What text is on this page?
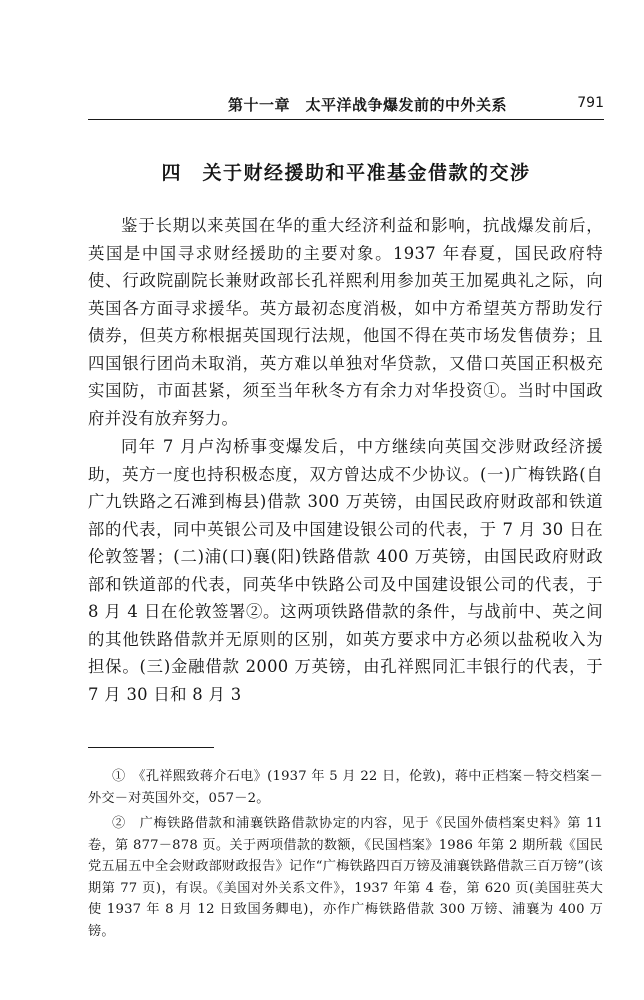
第十一章　太平洋战争爆发前的中外关系	791
四　关于财经援助和平准基金借款的交涉

鉴于长期以来英国在华的重大经济利益和影响，抗战爆发前后，英国是中国寻求财经援助的主要对象。1937 年春夏，国民政府特使、行政院副院长兼财政部长孔祥熙利用参加英王加冕典礼之际，向英国各方面寻求援华。英方最初态度消极，如中方希望英方帮助发行债券，但英方称根据英国现行法规，他国不得在英市场发售债券；且四国银行团尚未取消，英方难以单独对华贷款，又借口英国正积极充实国防，市面甚紧，须至当年秋冬方有余力对华投资①。当时中国政府并没有放弃努力。

同年 7 月卢沟桥事变爆发后，中方继续向英国交涉财政经济援助，英方一度也持积极态度，双方曾达成不少协议。(一)广梅铁路(自广九铁路之石滩到梅县)借款 300 万英镑，由国民政府财政部和铁道部的代表，同中英银公司及中国建设银公司的代表，于 7 月 30 日在伦敦签署；(二)浦(口)襄(阳)铁路借款 400 万英镑，由国民政府财政部和铁道部的代表，同英华中铁路公司及中国建设银公司的代表，于 8 月 4 日在伦敦签署②。这两项铁路借款的条件，与战前中、英之间的其他铁路借款并无原则的区别，如英方要求中方必须以盐税收入为担保。(三)金融借款 2000 万英镑，由孔祥熙同汇丰银行的代表，于 7 月 30 日和 8 月 3

①　《孔祥熙致蒋介石电》(1937 年 5 月 22 日，伦敦)，蒋中正档案－特交档案－外交－对英国外交，057－2。

②　广梅铁路借款和浦襄铁路借款协定的内容，见于《民国外债档案史料》第 11 卷，第 877－878 页。关于两项借款的数额，《民国档案》1986 年第 2 期所载《国民党五届五中全会财政部财政报告》记作“广梅铁路四百万镑及浦襄铁路借款三百万镑”(该期第 77 页)，有误。《美国对外关系文件》，1937 年第 4 卷，第 620 页(美国驻英大使 1937 年 8 月 12 日致国务卿电)，亦作广梅铁路借款 300 万镑、浦襄为 400 万镑。
